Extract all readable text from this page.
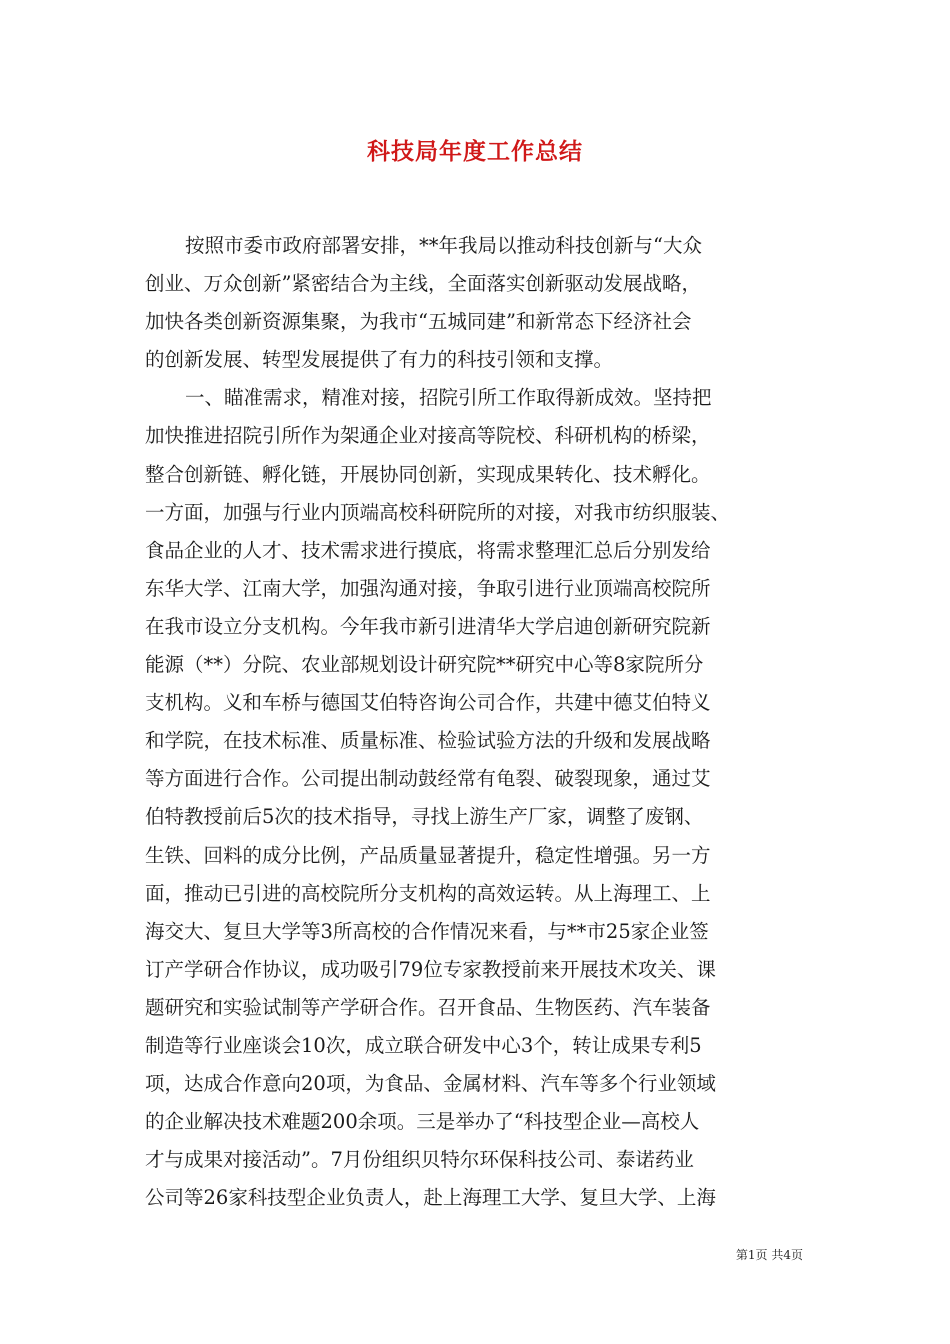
科技局年度工作总结
按照市委市政府部署安排，**年我局以推动科技创新与“大众
创业、万众创新”紧密结合为主线，全面落实创新驱动发展战略，
加快各类创新资源集聚，为我市“五城同建”和新常态下经济社会
的创新发展、转型发展提供了有力的科技引领和支撑。
一、瞄准需求，精准对接，招院引所工作取得新成效。坚持把
加快推进招院引所作为架通企业对接高等院校、科研机构的桥梁，
整合创新链、孵化链，开展协同创新，实现成果转化、技术孵化。
一方面，加强与行业内顶端高校科研院所的对接，对我市纺织服装、
食品企业的人才、技术需求进行摸底，将需求整理汇总后分别发给
东华大学、江南大学，加强沟通对接，争取引进行业顶端高校院所
在我市设立分支机构。今年我市新引进清华大学启迪创新研究院新
能源（**）分院、农业部规划设计研究院**研究中心等8家院所分
支机构。义和车桥与德国艾伯特咨询公司合作，共建中德艾伯特义
和学院，在技术标准、质量标准、检验试验方法的升级和发展战略
等方面进行合作。公司提出制动鼓经常有龟裂、破裂现象，通过艾
伯特教授前后5次的技术指导，寻找上游生产厂家，调整了废钢、
生铁、回料的成分比例，产品质量显著提升，稳定性增强。另一方
面，推动已引进的高校院所分支机构的高效运转。从上海理工、上
海交大、复旦大学等3所高校的合作情况来看，与**市25家企业签
订产学研合作协议，成功吸引79位专家教授前来开展技术攻关、课
题研究和实验试制等产学研合作。召开食品、生物医药、汽车装备
制造等行业座谈会10次，成立联合研发中心3个，转让成果专利5
项，达成合作意向20项，为食品、金属材料、汽车等多个行业领域
的企业解决技术难题200余项。三是举办了“科技型企业—高校人
才与成果对接活动”。7月份组织贝特尔环保科技公司、泰诺药业
公司等26家科技型企业负责人，赴上海理工大学、复旦大学、上海
第1页 共4页
